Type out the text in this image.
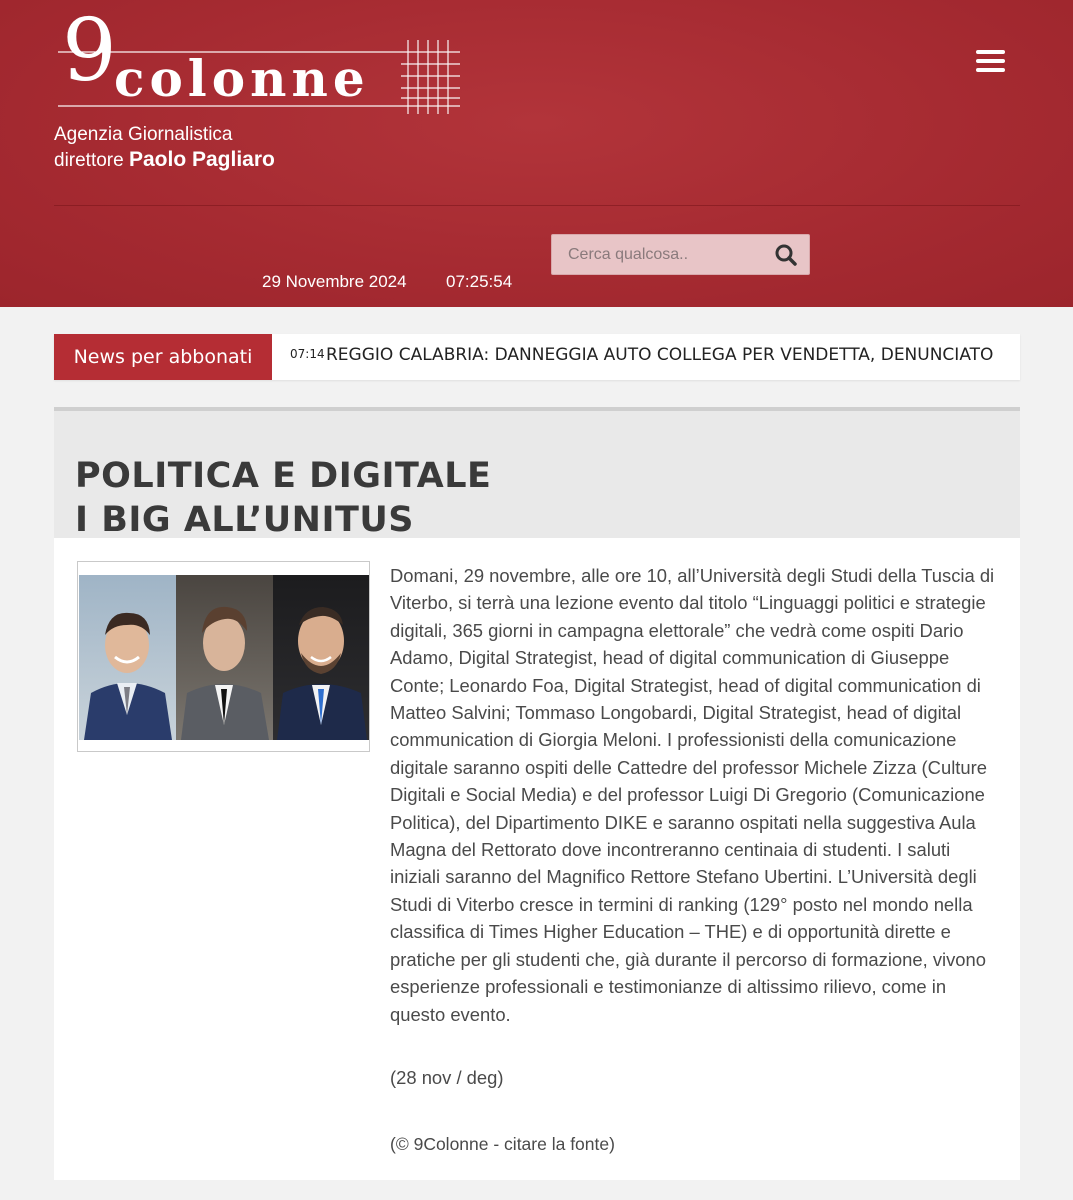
9
colonne
Agenzia Giornalistica
direttore Paolo Pagliaro
29 Novembre 2024 07:25:54
Cerca qualcosa..
News per abbonati	07:14 REGGIO CALABRIA: DANNEGGIA AUTO COLLEGA PER VENDETTA, DENUNCIATO
POLITICA E DIGITALE
I BIG ALL’UNITUS

Domani, 29 novembre, alle ore 10, all’Università degli Studi della Tuscia di Viterbo, si terrà una lezione evento dal titolo “Linguaggi politici e strategie digitali, 365 giorni in campagna elettorale” che vedrà come ospiti Dario Adamo, Digital Strategist, head of digital communication di Giuseppe Conte; Leonardo Foa, Digital Strategist, head of digital communication di Matteo Salvini; Tommaso Longobardi, Digital Strategist, head of digital communication di Giorgia Meloni. I professionisti della comunicazione digitale saranno ospiti delle Cattedre del professor Michele Zizza (Culture Digitali e Social Media) e del professor Luigi Di Gregorio (Comunicazione Politica), del Dipartimento DIKE e saranno ospitati nella suggestiva Aula Magna del Rettorato dove incontreranno centinaia di studenti. I saluti iniziali saranno del Magnifico Rettore Stefano Ubertini. L’Università degli Studi di Viterbo cresce in termini di ranking (129° posto nel mondo nella classifica di Times Higher Education – THE) e di opportunità dirette e pratiche per gli studenti che, già durante il percorso di formazione, vivono esperienze professionali e testimonianze di altissimo rilievo, come in questo evento.

(28 nov / deg)
(© 9Colonne - citare la fonte)
